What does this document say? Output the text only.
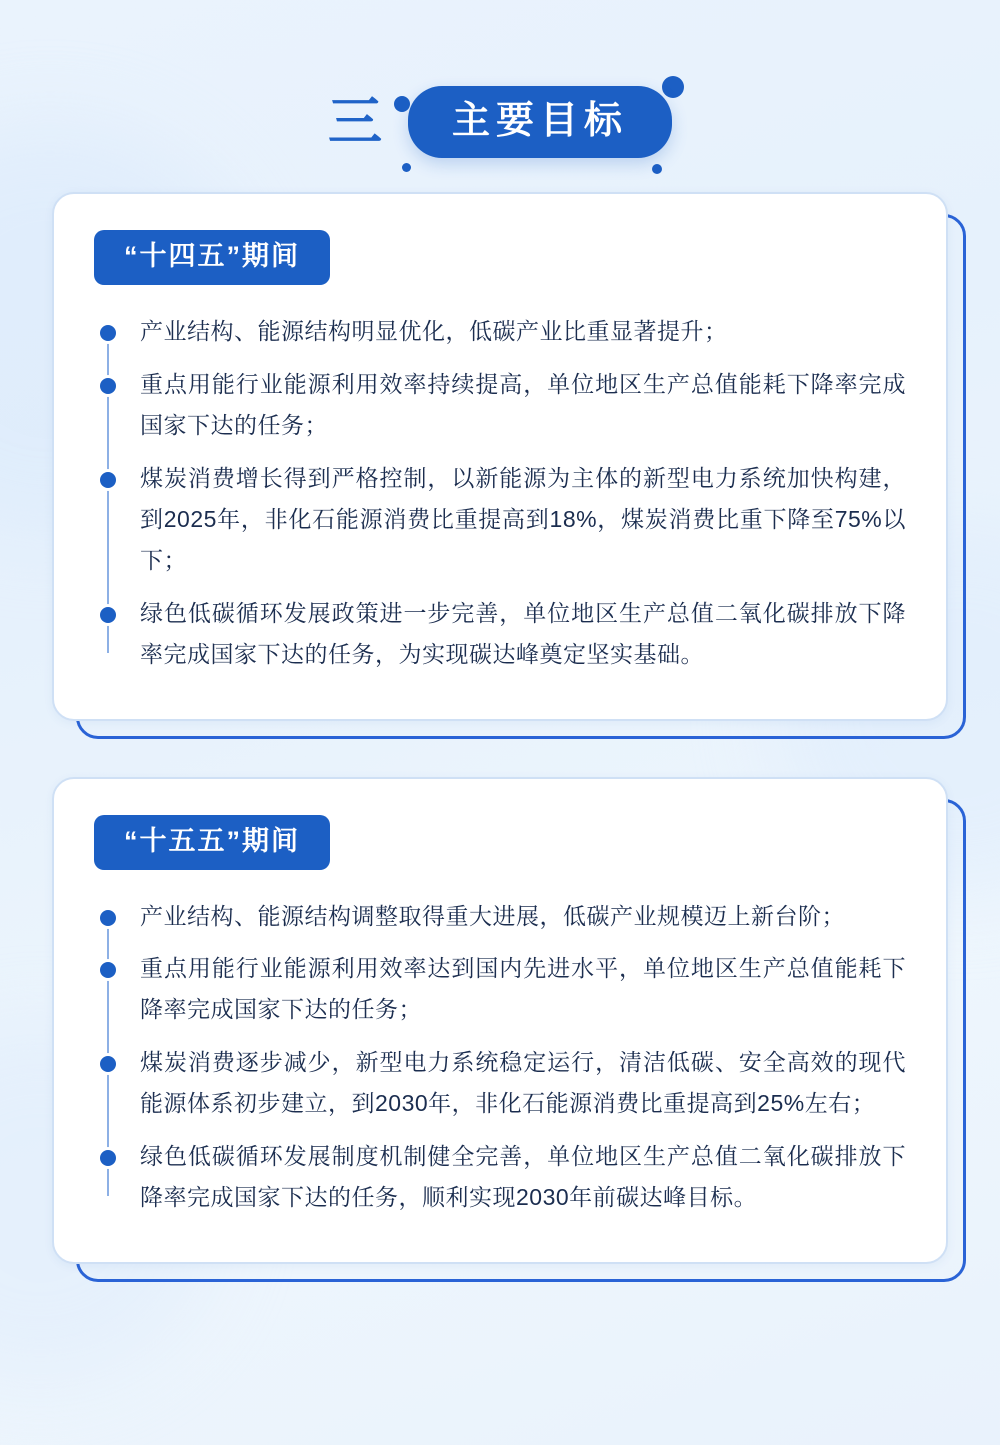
三	主要目标
“十四五”期间
产业结构、能源结构明显优化，低碳产业比重显著提升；
重点用能行业能源利用效率持续提高，单位地区生产总值能耗下降率完成国家下达的任务；
煤炭消费增长得到严格控制，以新能源为主体的新型电力系统加快构建，到2025年，非化石能源消费比重提高到18%，煤炭消费比重下降至75%以下；
绿色低碳循环发展政策进一步完善，单位地区生产总值二氧化碳排放下降率完成国家下达的任务，为实现碳达峰奠定坚实基础。
“十五五”期间
产业结构、能源结构调整取得重大进展，低碳产业规模迈上新台阶；
重点用能行业能源利用效率达到国内先进水平，单位地区生产总值能耗下降率完成国家下达的任务；
煤炭消费逐步减少，新型电力系统稳定运行，清洁低碳、安全高效的现代能源体系初步建立，到2030年，非化石能源消费比重提高到25%左右；
绿色低碳循环发展制度机制健全完善，单位地区生产总值二氧化碳排放下降率完成国家下达的任务，顺利实现2030年前碳达峰目标。
